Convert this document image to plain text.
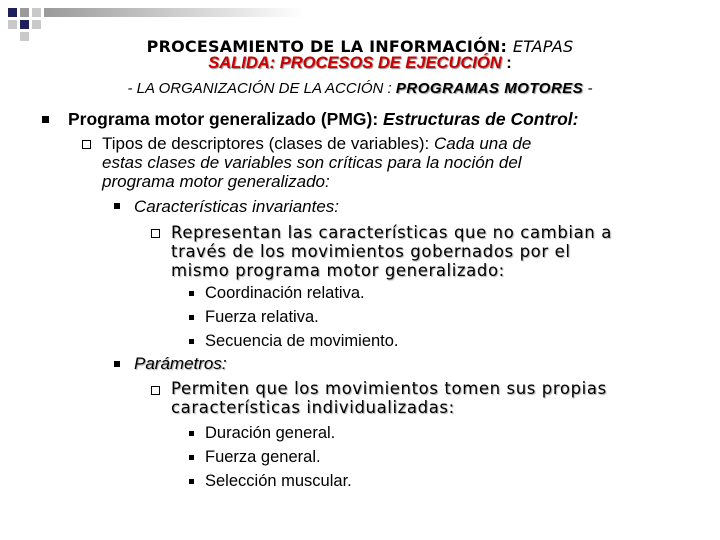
PROCESAMIENTO DE LA INFORMACIÓN: ETAPAS
SALIDA: PROCESOS DE EJECUCIÓN :
- LA ORGANIZACIÓN DE LA ACCIÓN : PROGRAMAS MOTORES -
Programa motor generalizado (PMG): Estructuras de Control:
Tipos de descriptores (clases de variables): Cada una de
estas clases de variables son críticas para la noción del
programa motor generalizado:
Características invariantes:
Representan las características que no cambian a
través de los movimientos gobernados por el
mismo programa motor generalizado:
Coordinación relativa.
Fuerza relativa.
Secuencia de movimiento.
Parámetros:
Permiten que los movimientos tomen sus propias
características individualizadas:
Duración general.
Fuerza general.
Selección muscular.
